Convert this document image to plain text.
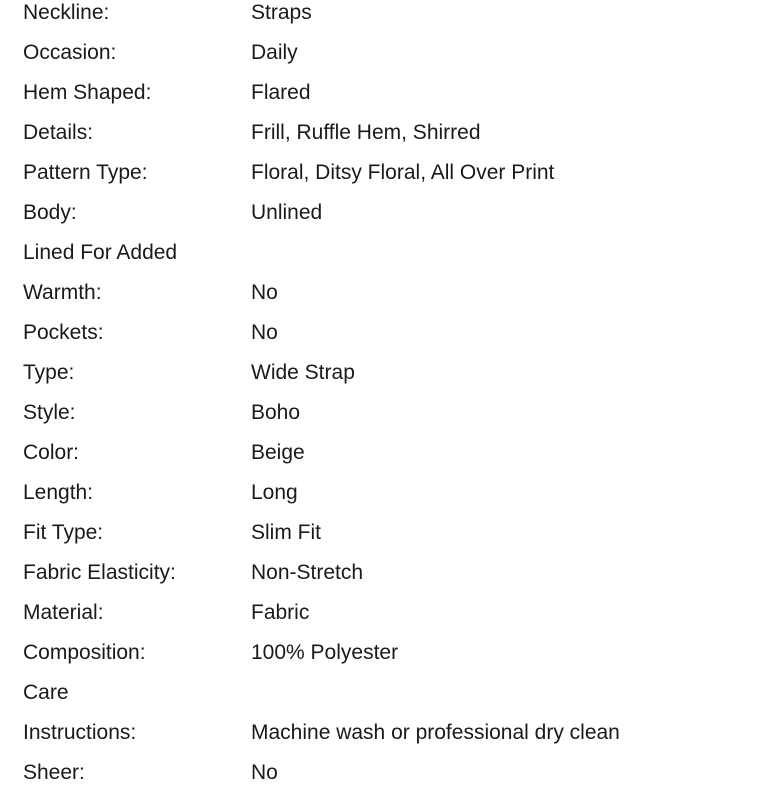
Neckline:	Straps
Occasion:	Daily
Hem Shaped:	Flared
Details:	Frill, Ruffle Hem, Shirred
Pattern Type:	Floral, Ditsy Floral, All Over Print
Body:	Unlined
Lined For Added
Warmth:	No
Pockets:	No
Type:	Wide Strap
Style:	Boho
Color:	Beige
Length:	Long
Fit Type:	Slim Fit
Fabric Elasticity:	Non-Stretch
Material:	Fabric
Composition:	100% Polyester
Care
Instructions:	Machine wash or professional dry clean
Sheer:	No
